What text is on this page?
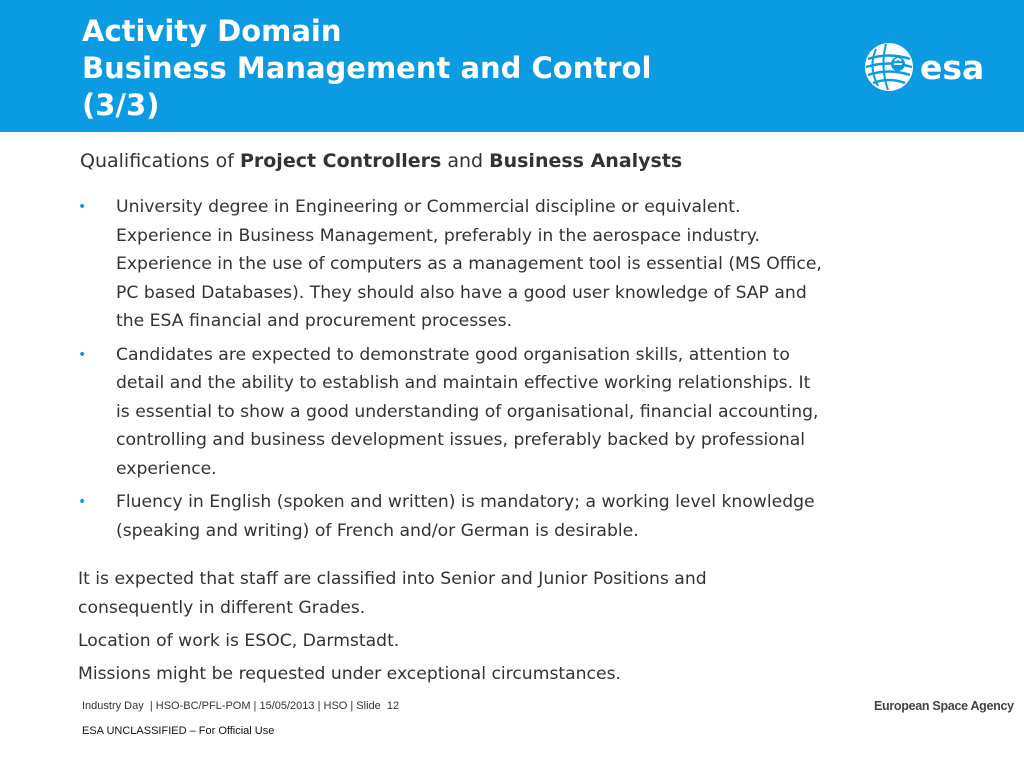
Activity Domain
Business Management and Control
(3/3)
esa
Qualifications of Project Controllers and Business Analysts
• University degree in Engineering or Commercial discipline or equivalent.
Experience in Business Management, preferably in the aerospace industry.
Experience in the use of computers as a management tool is essential (MS Office,
PC based Databases). They should also have a good user knowledge of SAP and
the ESA financial and procurement processes.
• Candidates are expected to demonstrate good organisation skills, attention to
detail and the ability to establish and maintain effective working relationships. It
is essential to show a good understanding of organisational, financial accounting,
controlling and business development issues, preferably backed by professional
experience.
• Fluency in English (spoken and written) is mandatory; a working level knowledge
(speaking and writing) of French and/or German is desirable.

It is expected that staff are classified into Senior and Junior Positions and
consequently in different Grades.

Location of work is ESOC, Darmstadt.

Missions might be requested under exceptional circumstances.

Industry Day  | HSO-BC/PFL-POM | 15/05/2013 | HSO | Slide  12	European Space Agency
ESA UNCLASSIFIED – For Official Use
